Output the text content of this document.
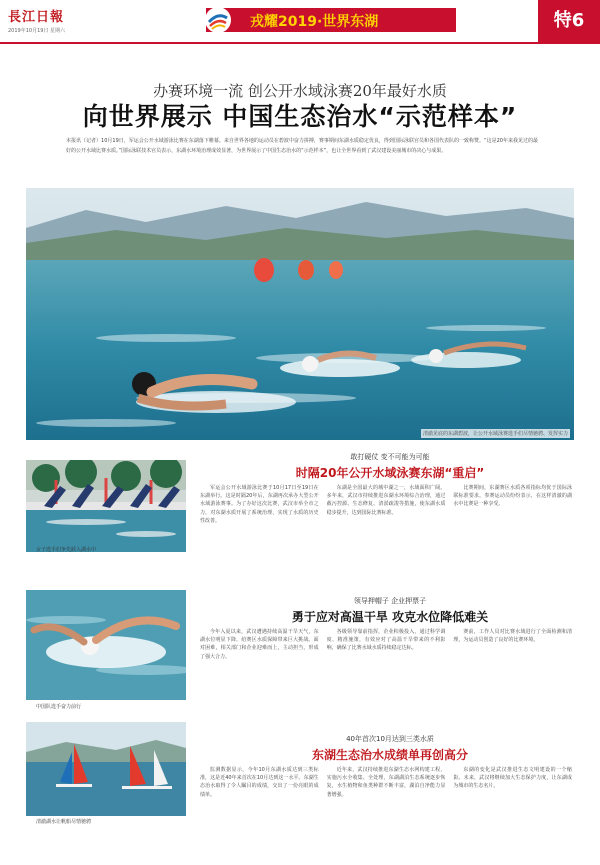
長江日報
2019年10月19日 星期六
戎耀2019·世界东湖	特6
办赛环境一流 创公开水域泳赛20年最好水质
向世界展示 中国生态治水“示范样本”
本报讯（记者）10月19日，军运会公开水域游泳比赛在东湖落下帷幕。来自世界各地的运动员在碧波中奋力拼搏，赛事期间东湖水质稳定优良，得到国际泳联官员和各国代表队的一致称赞。“这是20年来我见过的最好的公开水域比赛水质。”国际泳联技术官员表示，东湖水环境治理成效显著，为世界展示了中国生态治水的“示范样本”，也让全世界看到了武汉建设美丽城市的决心与成果。
清澈见底的东湖碧波，让公开水域泳赛选手们尽情驰骋、发挥实力
女子选手们争先跃入湖水中
中国队选手奋力前行
清澈湖水让帆船尽情驰骋
敢打硬仗 变不可能为可能
时隔20年公开水域泳赛东湖“重启”
军运会公开水域游泳比赛于10月17日至19日在东湖举行。这是时隔20年后，东湖再次承办大型公开水域游泳赛事。为了办好这次比赛，武汉市举全市之力，对东湖水质开展了系统治理，实现了水质的历史性改善。
东湖是全国最大的城中湖之一，水域面积广阔。多年来，武汉市持续推进东湖水环境综合治理，通过截污控源、生态修复、清淤疏浚等措施，使东湖水质稳步提升，达到国际比赛标准。
比赛期间，东湖赛区水质各项指标均优于国际泳联标准要求。参赛运动员纷纷表示，在这样清澈的湖水中比赛是一种享受。
领导押帽子 企业押票子
勇于应对高温干旱 攻克水位降低难关
今年入夏以来，武汉遭遇持续高温干旱天气，东湖水位明显下降，给赛区水质保障带来巨大挑战。面对困难，相关部门和企业迎难而上，主动担当，形成了强大合力。
各级领导靠前指挥，企业积极投入，通过科学调度、精准施策，有效应对了高温干旱带来的不利影响，确保了比赛水域水质持续稳定达标。
赛前，工作人员对比赛水域进行了全面检测和清理，为运动员创造了良好的比赛环境。
40年首次10月达到三类水质
东湖生态治水成绩单再创高分
监测数据显示，今年10月东湖水质达到三类标准，这是近40年来首次在10月达到这一水平。东湖生态治水取得了令人瞩目的成绩，交出了一份亮眼的成绩单。
近年来，武汉持续推进东湖生态水网构建工程，实施污水全收集、全处理，东湖湖泊生态系统逐步恢复，水生植物和鱼类种群不断丰富，湖泊自净能力显著增强。
东湖的变化是武汉推进生态文明建设的一个缩影。未来，武汉将继续加大生态保护力度，让东湖成为城市的生态名片。
